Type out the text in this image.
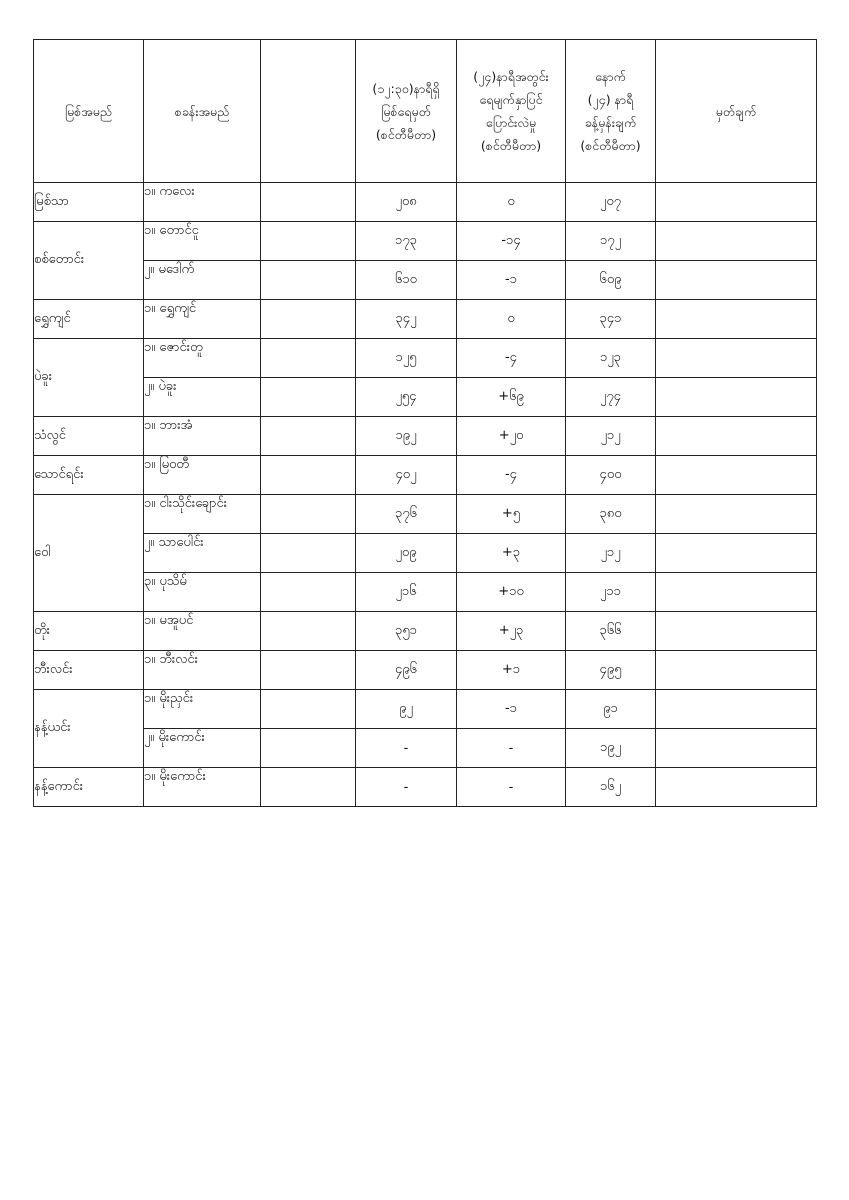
မြစ်အမည်	စခန်းအမည်		(၁၂:၃၀)နာရီရှိ
မြစ်ရေမှတ်
(စင်တီမီတာ)	(၂၄)နာရီအတွင်း
ရေမျက်နှာပြင်
ပြောင်းလဲမှု
(စင်တီမီတာ)	နောက်
(၂၄) နာရီ
ခန့်မှန်းချက်
(စင်တီမီတာ)	မှတ်ချက်
မြစ်သာ	၁။ ကလေး		၂၀၈	၀	၂၀၇	
စစ်တောင်း	၁။ တောင်ငူ		၁၇၃	-၁၄	၁၇၂	
	၂။ မဒေါက်		၆၁၀	-၁	၆၀၉	
ရွှေကျင်	၁။ ရွှေကျင်		၃၄၂	၀	၃၄၁	
ပဲခူး	၁။ ဇောင်းတူ		၁၂၅	-၄	၁၂၃	
	၂။ ပဲခူး		၂၅၄	+၆၉	၂၇၄	
သံလွင်	၁။ ဘားအံ		၁၉၂	+၂၀	၂၁၂	
သောင်ရင်း	၁။ မြဝတီ		၄၀၂	-၄	၄၀၀	
ဝေါ	၁။ ငါးသိုင်းချောင်း		၃၇၆	+၅	၃၈၀	
	၂။ သာပေါင်း		၂၀၉	+၃	၂၁၂	
	၃။ ပုသိမ်		၂၁၆	+၁၀	၂၁၁	
တိုး	၁။ မအူပင်		၃၅၁	+၂၃	၃၆၆	
ဘီးလင်း	၁။ ဘီးလင်း		၄၉၆	+၁	၄၉၅	
နန့်ယင်း	၁။ မိုးညှင်း		၉၂	-၁	၉၁	
	၂။ မိုးကောင်း		-	-	၁၉၂	
နန့်ကောင်း	၁။ မိုးကောင်း		-	-	၁၆၂	
